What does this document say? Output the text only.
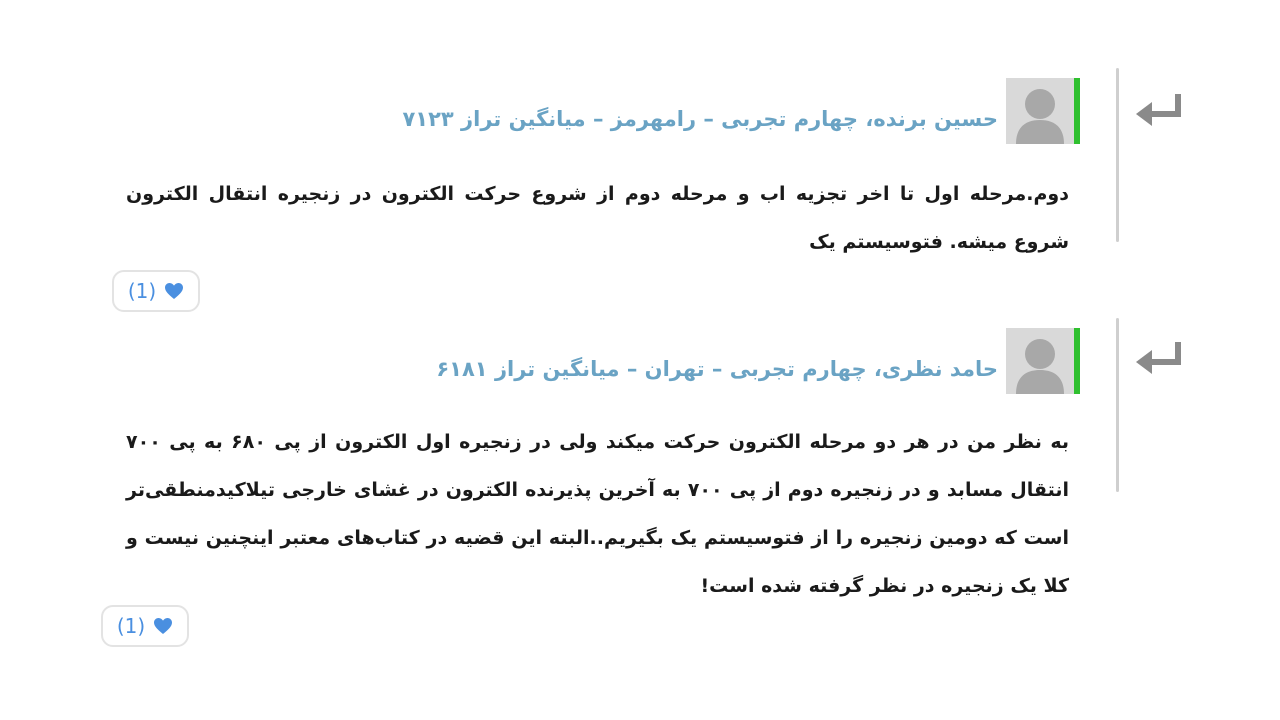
حسین برنده، چهارم تجربی – رامهرمز – میانگین تراز ۷۱۲۳
دوم.مرحله اول تا اخر تجزیه اب و مرحله دوم از شروع حرکت الکترون در زنجیره انتقال الکترون شروع میشه. فتوسیستم یک
(1)
حامد نظری، چهارم تجربی – تهران – میانگین تراز ۶۱۸۱
به نظر من در هر دو مرحله الکترون حرکت میکند ولی در زنجیره اول الکترون از پی ۶۸۰ به پی ۷۰۰ انتقال مسابد و در زنجیره دوم از پی ۷۰۰ به آخرین پذیرنده الکترون در غشای خارجی تیلاکیدمنطقی‌تر است که دومین زنجیره را از فتوسیستم یک بگیریم..البته این قضیه در کتاب‌های معتبر اینچنین نیست و کلا یک زنجیره در نظر گرفته شده است!
(1)
